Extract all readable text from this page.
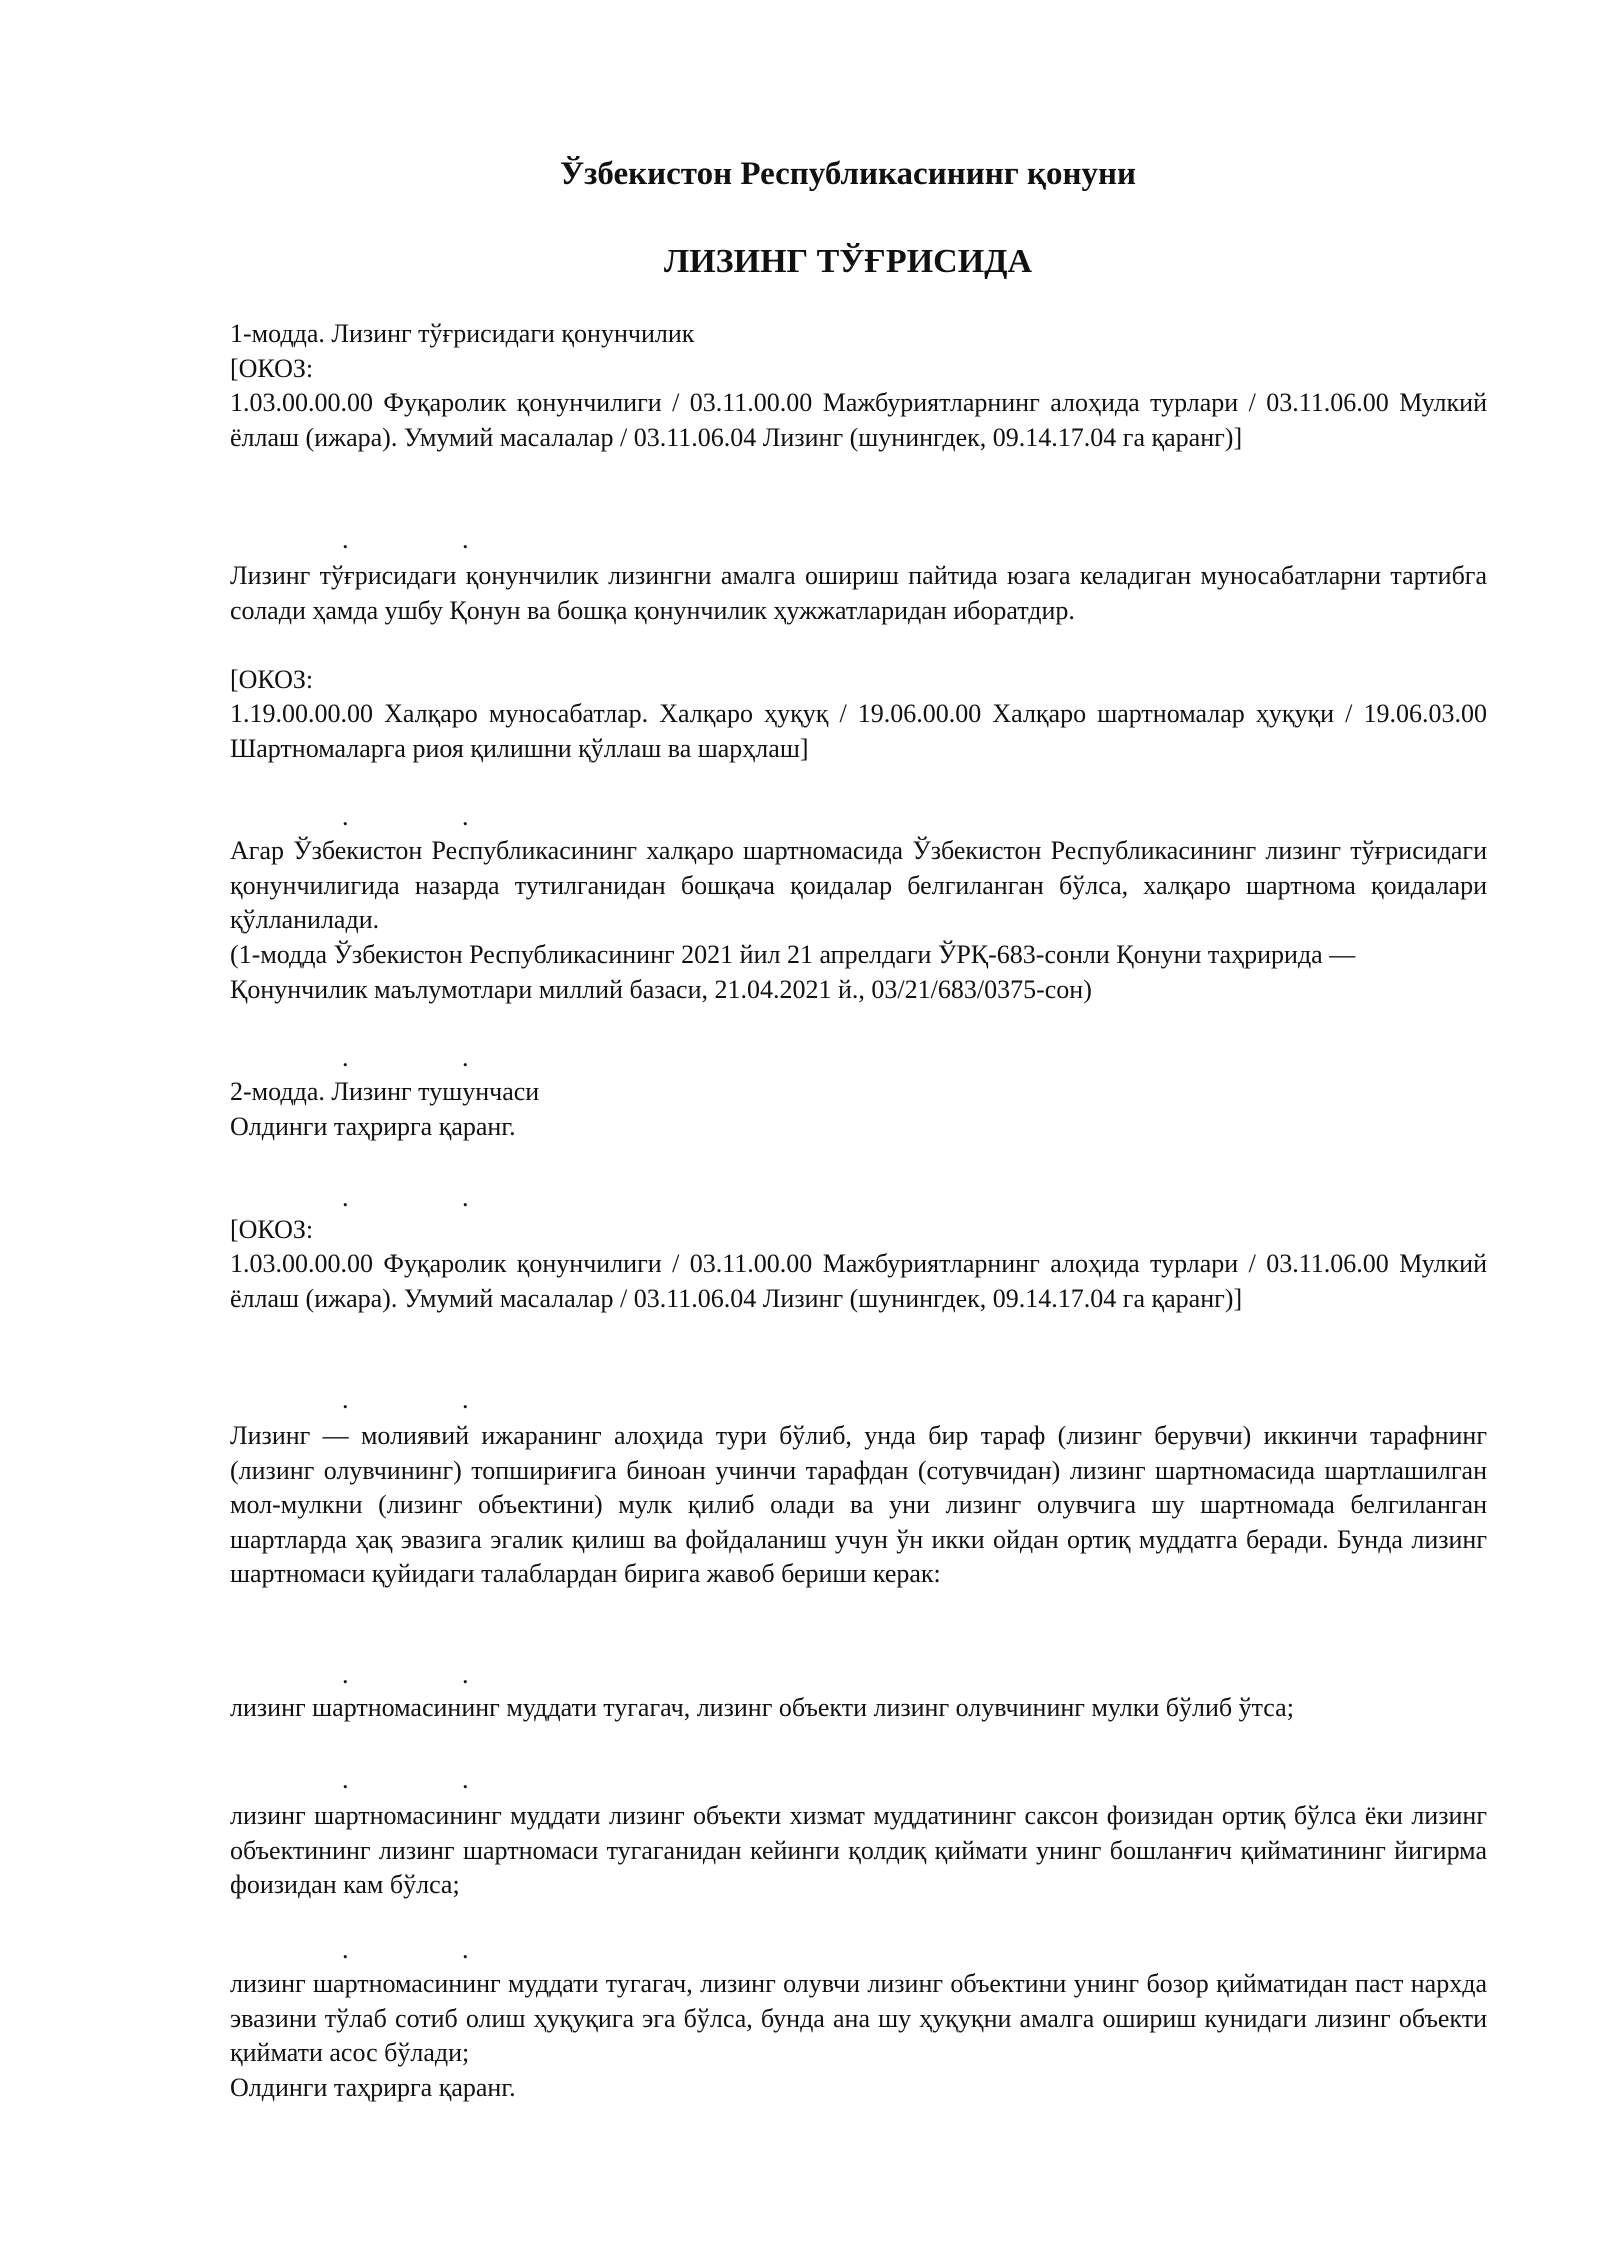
Ўзбекистон Республикасининг қонуни
ЛИЗИНГ ТЎҒРИСИДА
1-модда. Лизинг тўғрисидаги қонунчилик
[ОКОЗ:

1.03.00.00.00 Фуқаролик қонунчилиги / 03.11.00.00 Мажбуриятларнинг алоҳида турлари / 03.11.06.00 Мулкий ёллаш (ижара). Умумий масалалар / 03.11.06.04 Лизинг (шунингдек, 09.14.17.04 га қаранг)]

.	.

Лизинг тўғрисидаги қонунчилик лизингни амалга ошириш пайтида юзага келадиган муносабатларни тартибга солади ҳамда ушбу Қонун ва бошқа қонунчилик ҳужжатларидан иборатдир.

[ОКОЗ:

1.19.00.00.00 Халқаро муносабатлар. Халқаро ҳуқуқ / 19.06.00.00 Халқаро шартномалар ҳуқуқи / 19.06.03.00 Шартномаларга риоя қилишни қўллаш ва шарҳлаш]

.	.

Агар Ўзбекистон Республикасининг халқаро шартномасида Ўзбекистон Республикасининг лизинг тўғрисидаги қонунчилигида назарда тутилганидан бошқача қоидалар белгиланган бўлса, халқаро шартнома қоидалари қўлланилади.

(1-модда Ўзбекистон Республикасининг 2021 йил 21 апрелдаги ЎРҚ-683-сонли Қонуни таҳририда — Қонунчилик маълумотлари миллий базаси, 21.04.2021 й., 03/21/683/0375-сон)

.	.
2-модда. Лизинг тушунчаси
Олдинги таҳрирга қаранг.
.	.
[ОКОЗ:

1.03.00.00.00 Фуқаролик қонунчилиги / 03.11.00.00 Мажбуриятларнинг алоҳида турлари / 03.11.06.00 Мулкий ёллаш (ижара). Умумий масалалар / 03.11.06.04 Лизинг (шунингдек, 09.14.17.04 га қаранг)]

.	.

Лизинг — молиявий ижаранинг алоҳида тури бўлиб, унда бир тараф (лизинг берувчи) иккинчи тарафнинг (лизинг олувчининг) топшириғига биноан учинчи тарафдан (сотувчидан) лизинг шартномасида шартлашилган мол-мулкни (лизинг объектини) мулк қилиб олади ва уни лизинг олувчига шу шартномада белгиланган шартларда ҳақ эвазига эгалик қилиш ва фойдаланиш учун ўн икки ойдан ортиқ муддатга беради. Бунда лизинг шартномаси қуйидаги талаблардан бирига жавоб бериши керак:

.	.

лизинг шартномасининг муддати тугагач, лизинг объекти лизинг олувчининг мулки бўлиб ўтса;

.	.

лизинг шартномасининг муддати лизинг объекти хизмат муддатининг саксон фоизидан ортиқ бўлса ёки лизинг объектининг лизинг шартномаси тугаганидан кейинги қолдиқ қиймати унинг бошланғич қийматининг йигирма фоизидан кам бўлса;

.	.

лизинг шартномасининг муддати тугагач, лизинг олувчи лизинг объектини унинг бозор қийматидан паст нархда эвазини тўлаб сотиб олиш ҳуқуқига эга бўлса, бунда ана шу ҳуқуқни амалга ошириш кунидаги лизинг объекти қиймати асос бўлади;

Олдинги таҳрирга қаранг.
